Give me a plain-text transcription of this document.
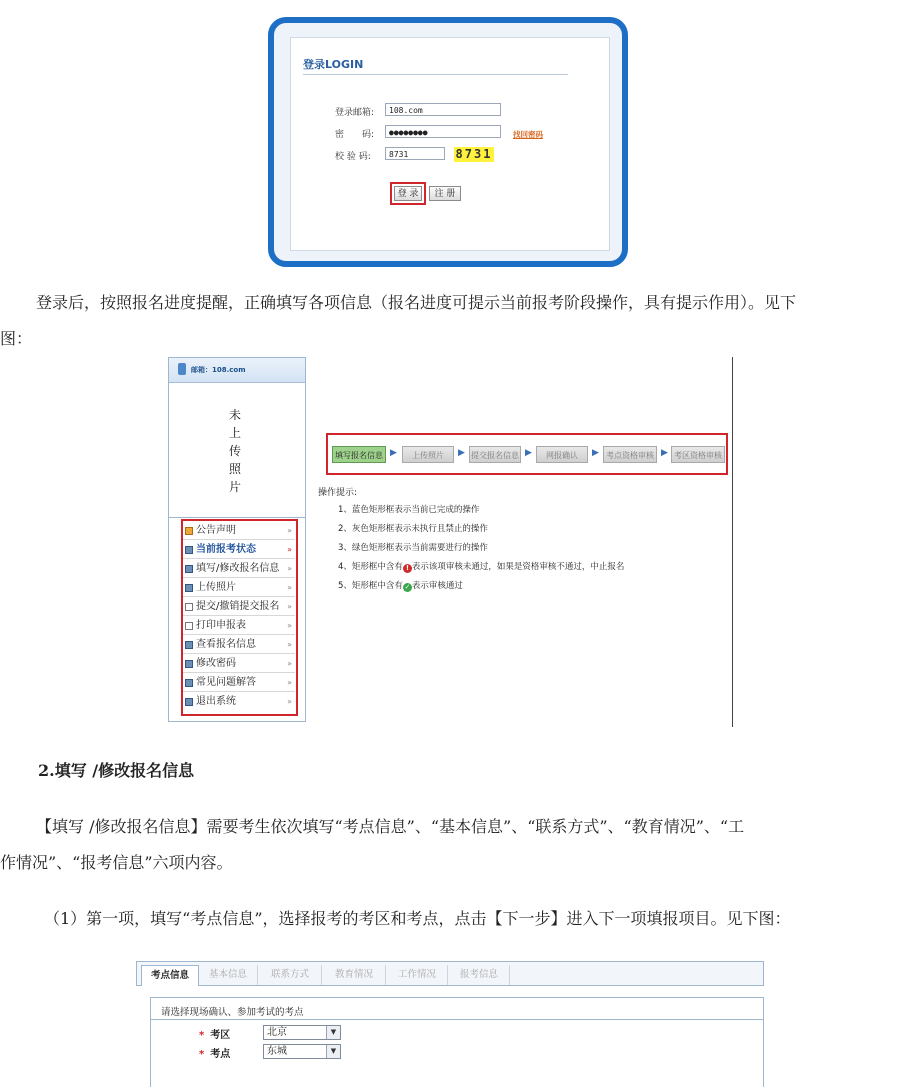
登录LOGIN
登录邮箱:	108.com
密　　码:	●●●●●●●●	找回密码
校 验 码:	8731	8731
登 录	注 册
登录后，按照报名进度提醒，正确填写各项信息（报名进度可提示当前报考阶段操作，具有提示作用）。见下
图：
邮箱：108.com
未
上
传
照
片
公告声明	»
当前报考状态	»
填写/修改报名信息 »
上传照片	»
提交/撤销提交报名 »
打印申报表	»
查看报名信息	»
修改密码	»
常见问题解答	»
退出系统	»
填写报名信息 ▶	上传照片	▶ 提交报名信息 ▶	网报确认	▶ 考点资格审核 ▶ 考区资格审核
操作提示:
1、蓝色矩形框表示当前已完成的操作
2、灰色矩形框表示未执行且禁止的操作
3、绿色矩形框表示当前需要进行的操作
4、矩形框中含有 ! 表示该项审核未通过，如果是资格审核不通过，中止报名
5、矩形框中含有 ✓ 表示审核通过
2.填写 /修改报名信息
【填写 /修改报名信息】需要考生依次填写“考点信息”、“基本信息”、“联系方式”、“教育情况”、“工
作情况”、“报考信息”六项内容。
（1）第一项，填写“考点信息”，选择报考的考区和考点，点击【下一步】进入下一项填报项目。见下图：
考点信息	基本信息	联系方式	教育情况	工作情况	报考信息
请选择现场确认、参加考试的考点
* 考区	北京	▼
* 考点	东城	▼
